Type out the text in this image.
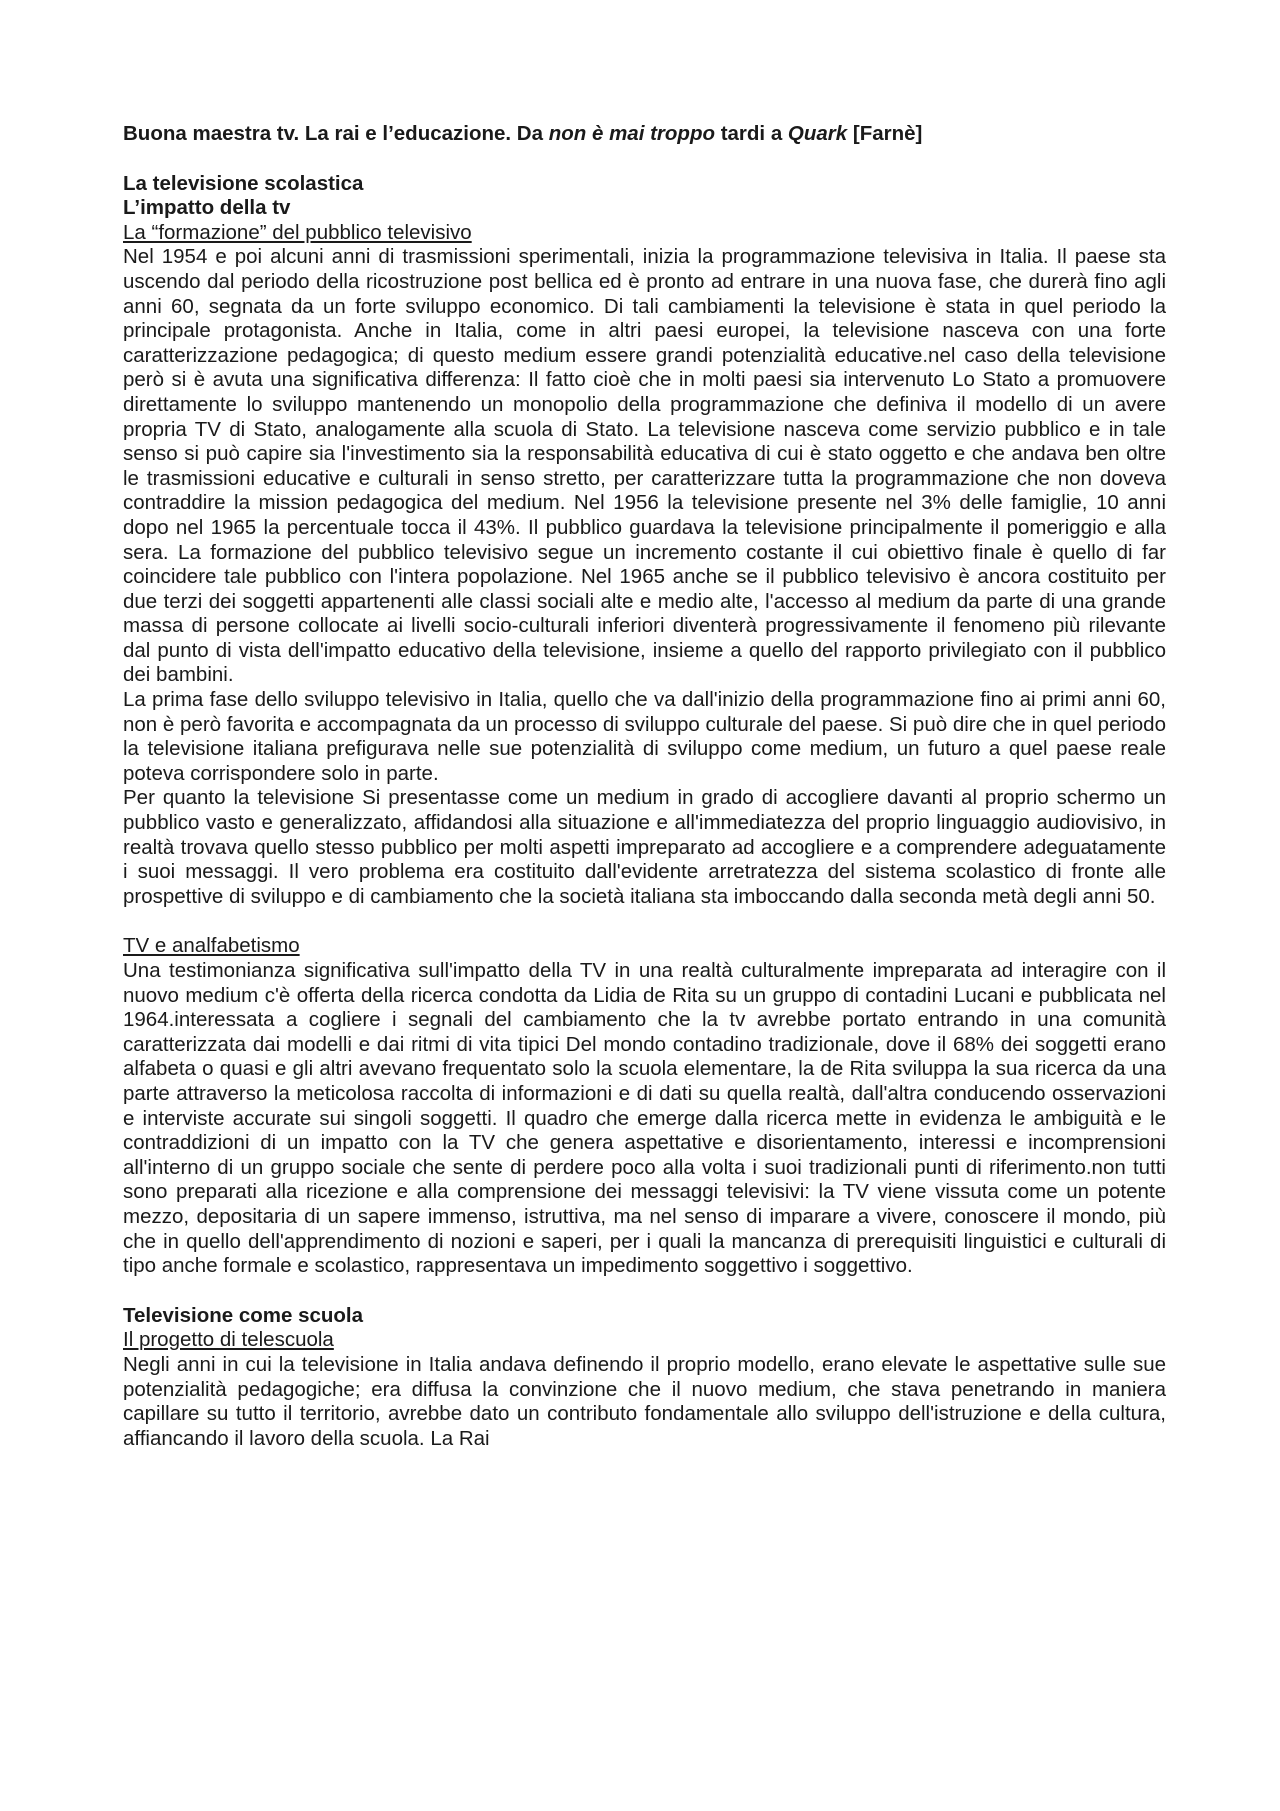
Buona maestra tv. La rai e l’educazione. Da non è mai troppo tardi a Quark [Farnè]

La televisione scolastica
L’impatto della tv
La “formazione” del pubblico televisivo

Nel 1954 e poi alcuni anni di trasmissioni sperimentali, inizia la programmazione televisiva in Italia. Il paese sta uscendo dal periodo della ricostruzione post bellica ed è pronto ad entrare in una nuova fase, che durerà fino agli anni 60, segnata da un forte sviluppo economico. Di tali cambiamenti la televisione è stata in quel periodo la principale protagonista. Anche in Italia, come in altri paesi europei, la televisione nasceva con una forte caratterizzazione pedagogica; di questo medium essere grandi potenzialità educative.nel caso della televisione però si è avuta una significativa differenza: Il fatto cioè che in molti paesi sia intervenuto Lo Stato a promuovere direttamente lo sviluppo mantenendo un monopolio della programmazione che definiva il modello di un avere propria TV di Stato, analogamente alla scuola di Stato. La televisione nasceva come servizio pubblico e in tale senso si può capire sia l'investimento sia la responsabilità educativa di cui è stato oggetto e che andava ben oltre le trasmissioni educative e culturali in senso stretto, per caratterizzare tutta la programmazione che non doveva contraddire la mission pedagogica del medium. Nel 1956 la televisione presente nel 3% delle famiglie, 10 anni dopo nel 1965 la percentuale tocca il 43%. Il pubblico guardava la televisione principalmente il pomeriggio e alla sera. La formazione del pubblico televisivo segue un incremento costante il cui obiettivo finale è quello di far coincidere tale pubblico con l'intera popolazione. Nel 1965 anche se il pubblico televisivo è ancora costituito per due terzi dei soggetti appartenenti alle classi sociali alte e medio alte, l'accesso al medium da parte di una grande massa di persone collocate ai livelli socio-culturali inferiori diventerà progressivamente il fenomeno più rilevante dal punto di vista dell'impatto educativo della televisione, insieme a quello del rapporto privilegiato con il pubblico dei bambini.

La prima fase dello sviluppo televisivo in Italia, quello che va dall'inizio della programmazione fino ai primi anni 60, non è però favorita e accompagnata da un processo di sviluppo culturale del paese. Si può dire che in quel periodo la televisione italiana prefigurava nelle sue potenzialità di sviluppo come medium, un futuro a quel paese reale poteva corrispondere solo in parte.

Per quanto la televisione Si presentasse come un medium in grado di accogliere davanti al proprio schermo un pubblico vasto e generalizzato, affidandosi alla situazione e all'immediatezza del proprio linguaggio audiovisivo, in realtà trovava quello stesso pubblico per molti aspetti impreparato ad accogliere e a comprendere adeguatamente i suoi messaggi. Il vero problema era costituito dall'evidente arretratezza del sistema scolastico di fronte alle prospettive di sviluppo e di cambiamento che la società italiana sta imboccando dalla seconda metà degli anni 50.

TV e analfabetismo

Una testimonianza significativa sull'impatto della TV in una realtà culturalmente impreparata ad interagire con il nuovo medium c'è offerta della ricerca condotta da Lidia de Rita su un gruppo di contadini Lucani e pubblicata nel 1964.interessata a cogliere i segnali del cambiamento che la tv avrebbe portato entrando in una comunità caratterizzata dai modelli e dai ritmi di vita tipici Del mondo contadino tradizionale, dove il 68% dei soggetti erano alfabeta o quasi e gli altri avevano frequentato solo la scuola elementare, la de Rita sviluppa la sua ricerca da una parte attraverso la meticolosa raccolta di informazioni e di dati su quella realtà, dall'altra conducendo osservazioni e interviste accurate sui singoli soggetti. Il quadro che emerge dalla ricerca mette in evidenza le ambiguità e le contraddizioni di un impatto con la TV che genera aspettative e disorientamento, interessi e incomprensioni all'interno di un gruppo sociale che sente di perdere poco alla volta i suoi tradizionali punti di riferimento.non tutti sono preparati alla ricezione e alla comprensione dei messaggi televisivi: la TV viene vissuta come un potente mezzo, depositaria di un sapere immenso, istruttiva, ma nel senso di imparare a vivere, conoscere il mondo, più che in quello dell'apprendimento di nozioni e saperi, per i quali la mancanza di prerequisiti linguistici e culturali di tipo anche formale e scolastico, rappresentava un impedimento soggettivo i soggettivo.

Televisione come scuola
Il progetto di telescuola

Negli anni in cui la televisione in Italia andava definendo il proprio modello, erano elevate le aspettative sulle sue potenzialità pedagogiche; era diffusa la convinzione che il nuovo medium, che stava penetrando in maniera capillare su tutto il territorio, avrebbe dato un contributo fondamentale allo sviluppo dell'istruzione e della cultura, affiancando il lavoro della scuola. La Rai
